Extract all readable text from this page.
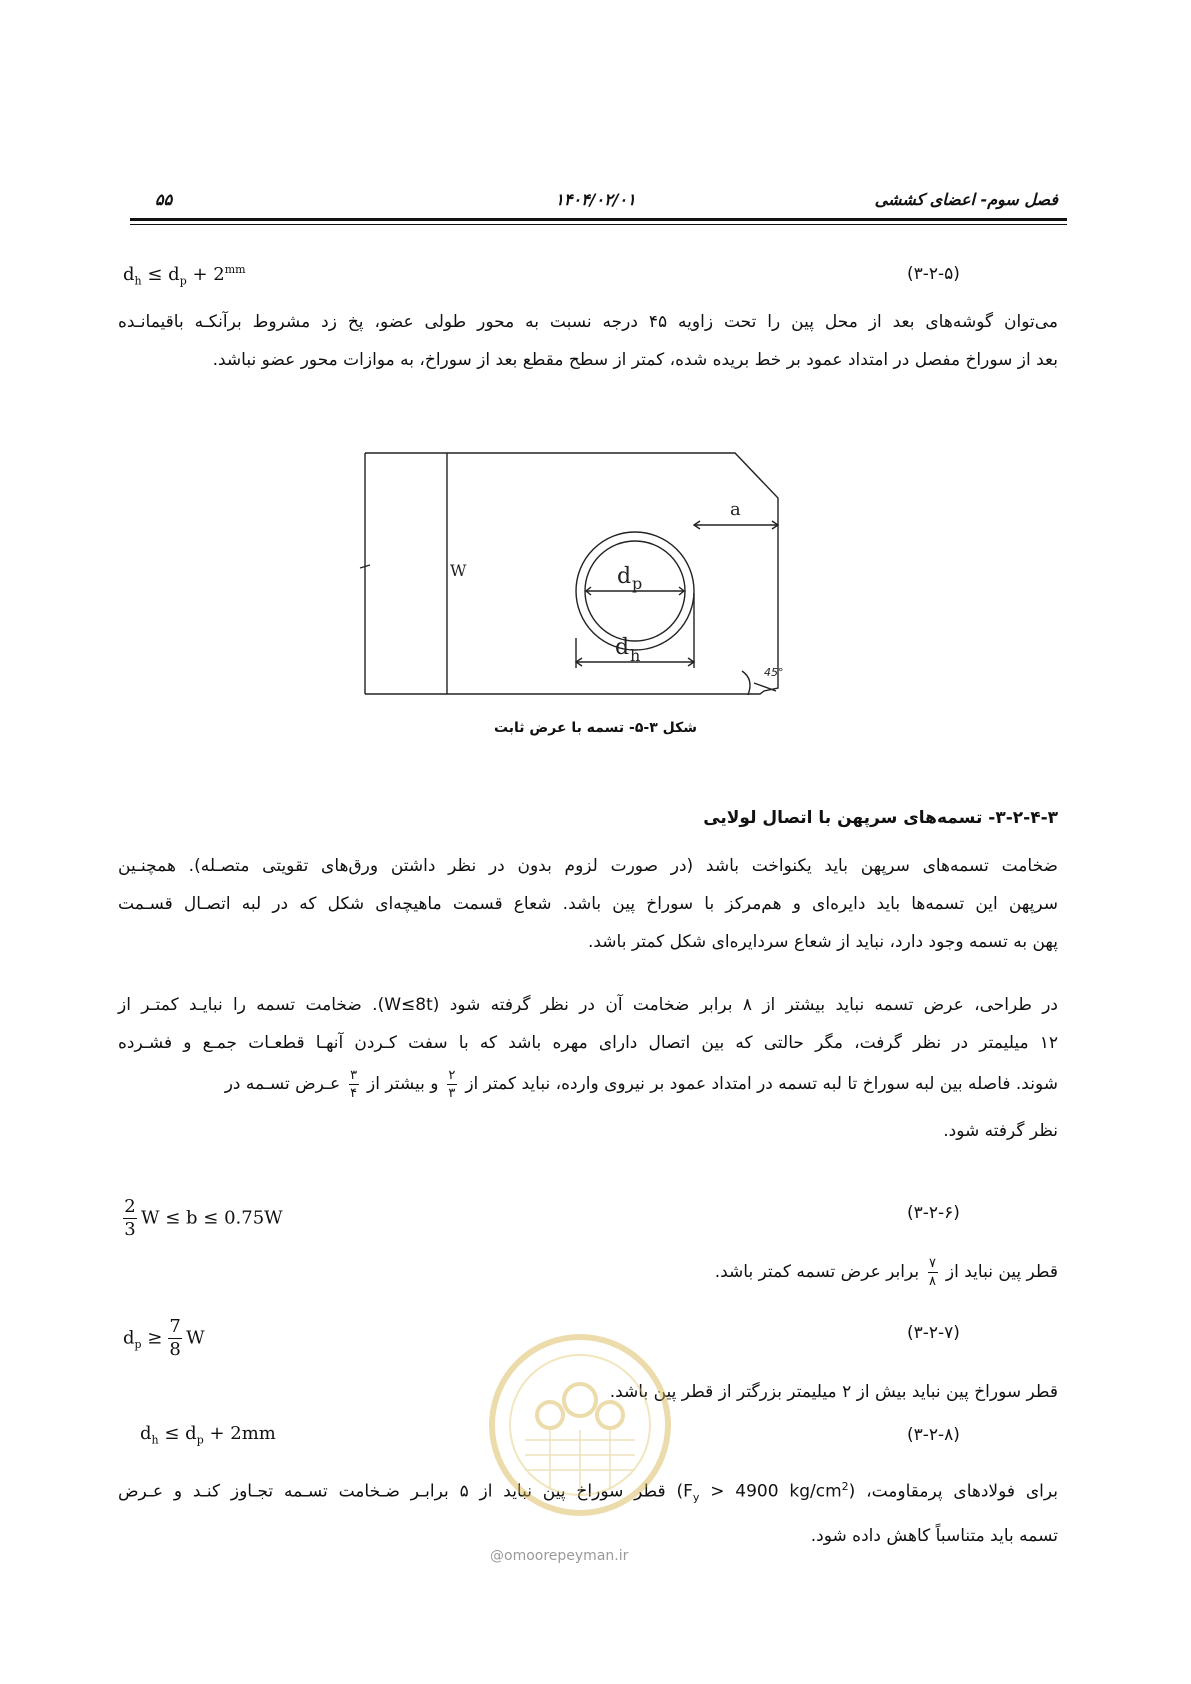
فصل سوم- اعضای کششی
۱۴۰۴/۰۲/۰۱
۵۵
$d_h \le d_p + 2^{mm}$	(۳-۲-۵)
می‌توان گوشه‌های بعد از محل پین را تحت زاویه ۴۵ درجه نسبت به محور طولی عضو، پخ زد مشروط برآنکـه باقیمانـده
بعد از سوراخ مفصل در امتداد عمود بر خط بریده شده، کمتر از سطح مقطع بعد از سوراخ، به موازات محور عضو نباشد.
W
a
d p
d h
45°
شکل ۳-۵- تسمه با عرض ثابت
۳-۲-۴-۳- تسمه‌های سرپهن با اتصال لولایی
ضخامت تسمه‌های سرپهن باید یکنواخت باشد (در صورت لزوم بدون در نظر داشتن ورق‌های تقویتی متصـله). همچنـین
سرپهن این تسمه‌ها باید دایره‌ای و هم‌مرکز با سوراخ پین باشد. شعاع قسمت ماهیچه‌ای شکل که در لبه اتصـال قسـمت
پهن به تسمه وجود دارد، نباید از شعاع سردایره‌ای شکل کمتر باشد.
در طراحی، عرض تسمه نباید بیشتر از ۸ برابر ضخامت آن در نظر گرفته شود (W≤8t). ضخامت تسمه را نبایـد کمتـر از
۱۲ میلیمتر در نظر گرفت، مگر حالتی که بین اتصال دارای مهره باشد که با سفت کـردن آنهـا قطعـات جمـع و فشـرده
شوند. فاصله بین لبه سوراخ تا لبه تسمه در امتداد عمود بر نیروی وارده، نباید کمتر از
$\frac{۲}{۳}$
و بیشتر از
$\frac{۳}{۴}$
عـرض تسـمه در
نظر گرفته شود.
$\frac{2}{3}$ W ≤ b ≤ 0.75W	(۳-۲-۶)
قطر پین نباید از
$\frac{۷}{۸}$
برابر عرض تسمه کمتر باشد.
$d_p \ge \frac{7}{8}$ W	(۳-۲-۷)
قطر سوراخ پین نباید بیش از ۲ میلیمتر بزرگتر از قطر پین باشد.
$d_h \le d_p + 2mm$	(۳-۲-۸)
برای فولادهای پرمقاومت، ($F_y > 4900$ $kg/cm^2$) قطر سوراخ پین نباید از ۵ برابـر ضـخامت تسـمه تجـاوز کنـد و عـرض
تسمه باید متناسباً کاهش داده شود.
@omoorepeyman.ir
